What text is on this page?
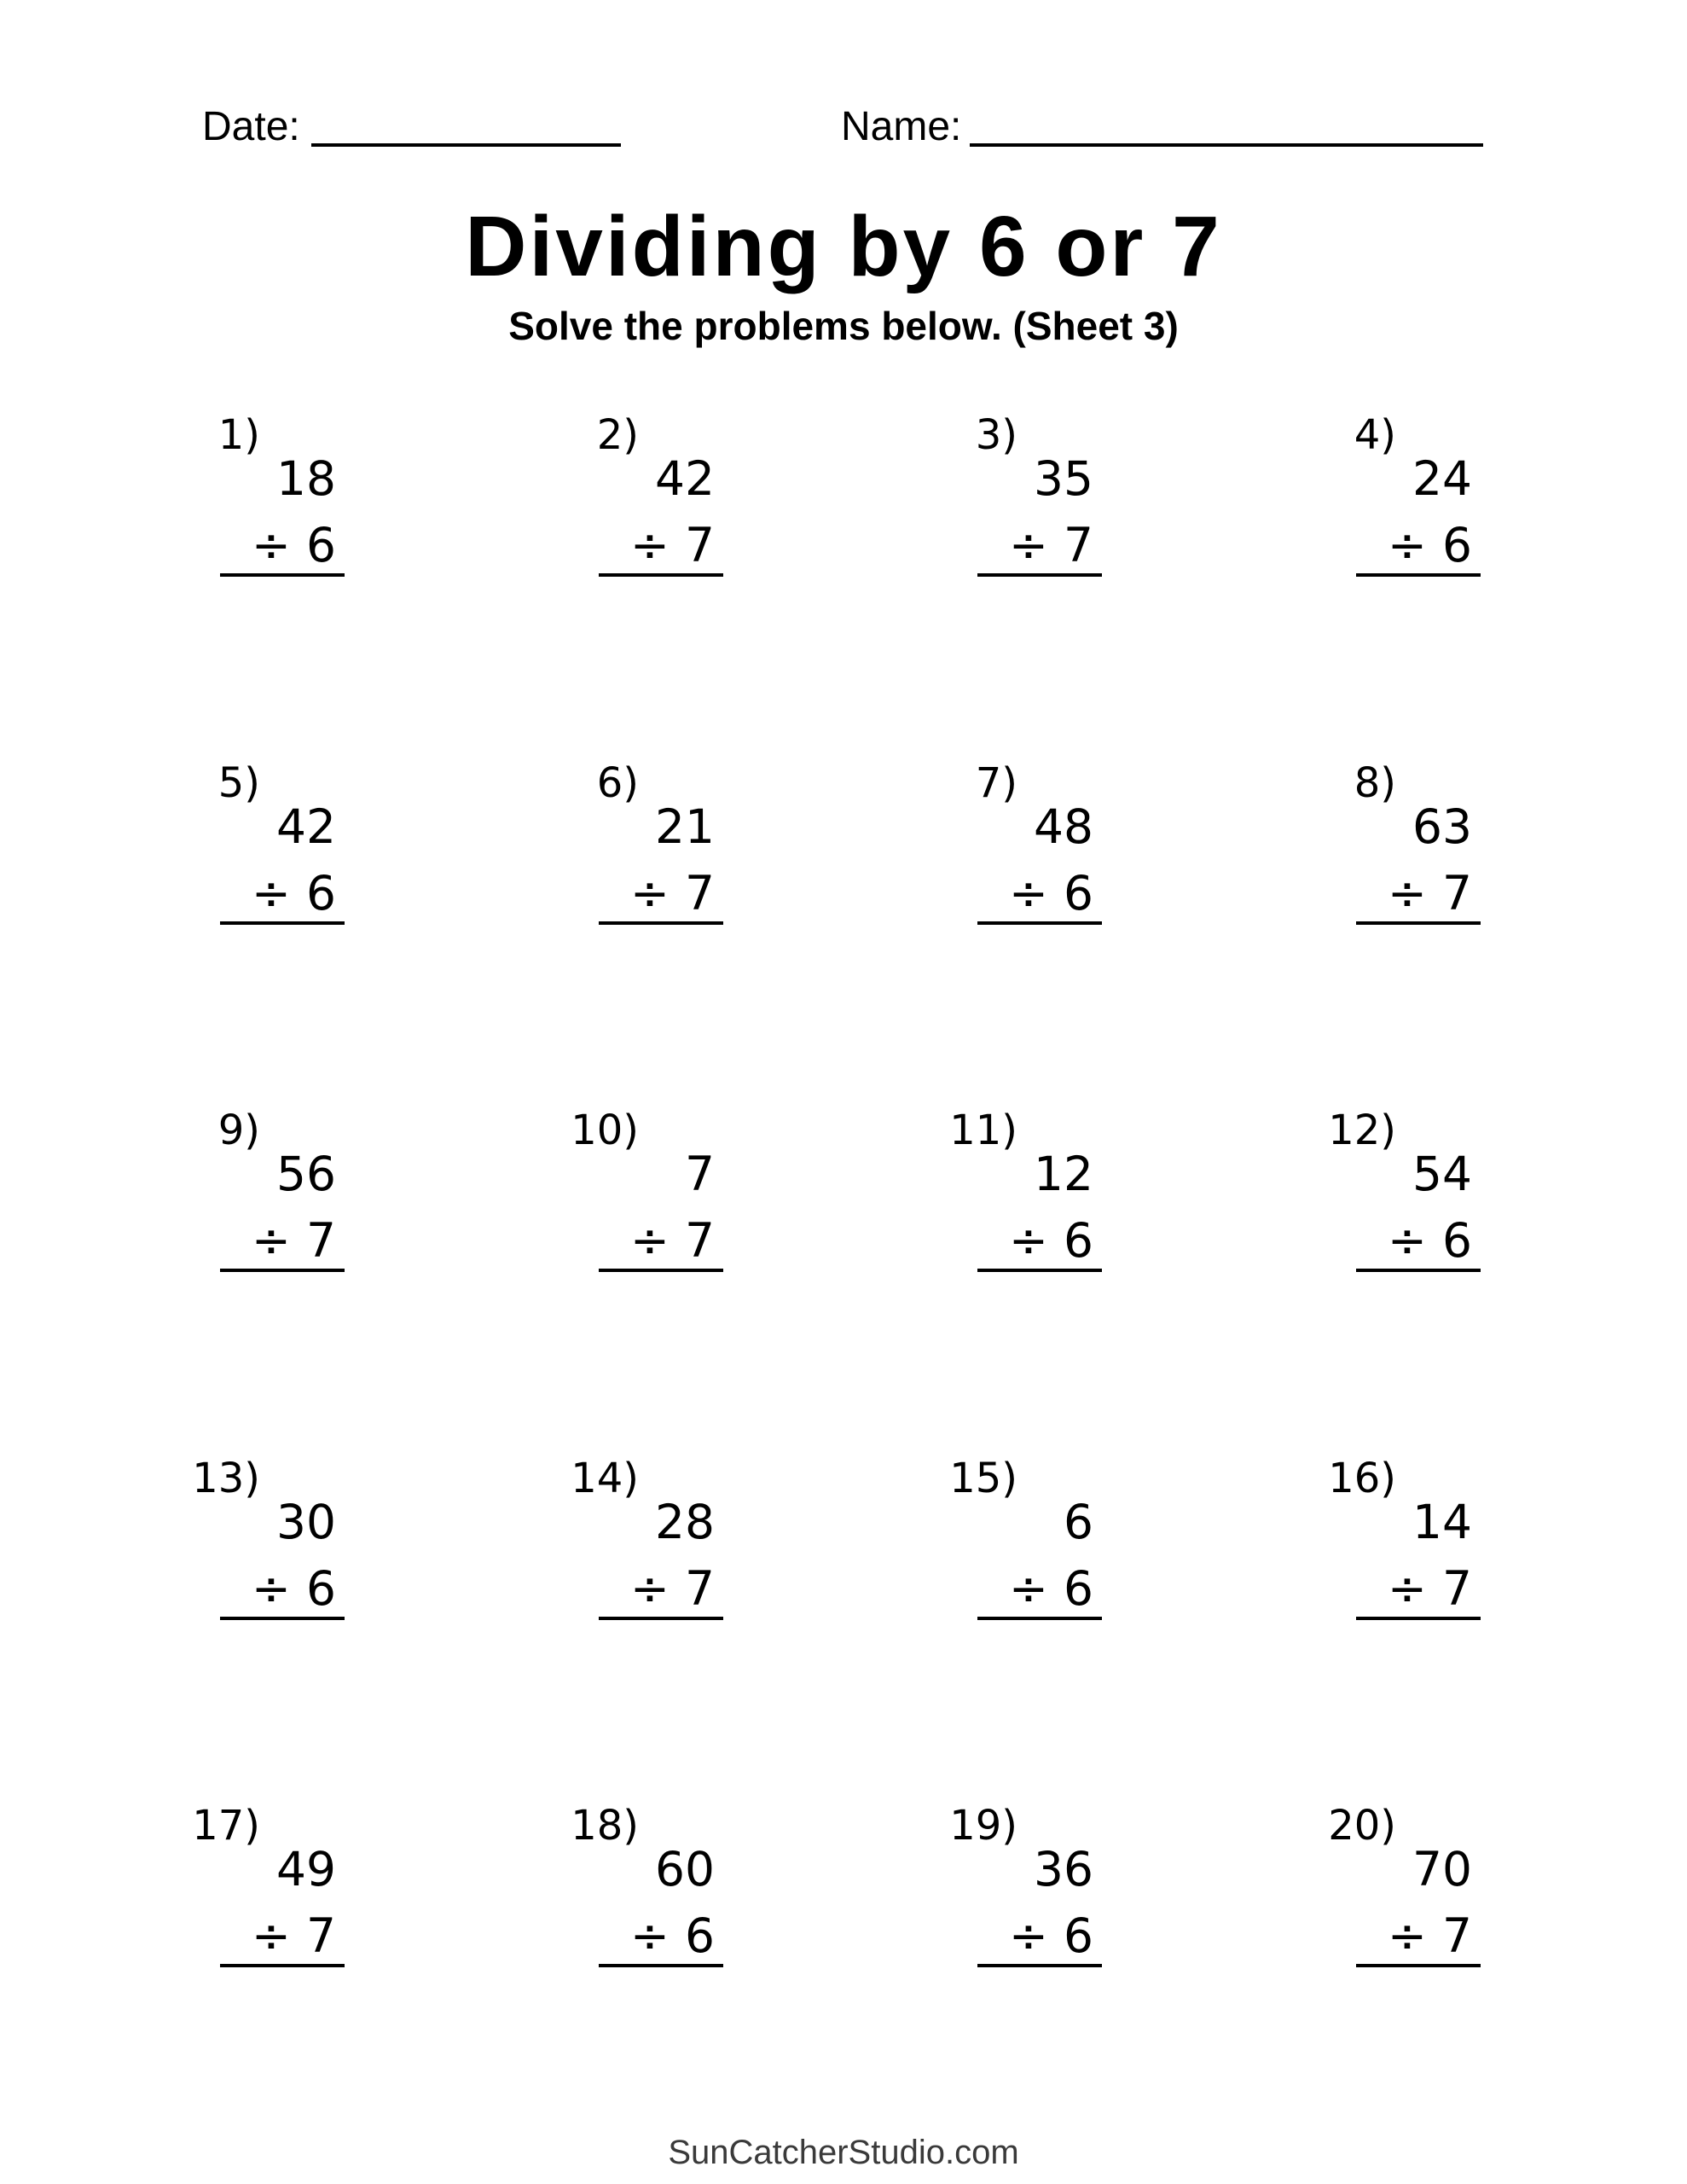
Date:	Name:
Dividing by 6 or 7
Solve the problems below. (Sheet 3)
1)
18
÷ 6
2)
42
÷ 7
3)
35
÷ 7
4)
24
÷ 6
5)
42
÷ 6
6)
21
÷ 7
7)
48
÷ 6
8)
63
÷ 7
9)
56
÷ 7
10)
7
÷ 7
11)
12
÷ 6
12)
54
÷ 6
13)
30
÷ 6
14)
28
÷ 7
15)
6
÷ 6
16)
14
÷ 7
17)
49
÷ 7
18)
60
÷ 6
19)
36
÷ 6
20)
70
÷ 7
SunCatcherStudio.com
